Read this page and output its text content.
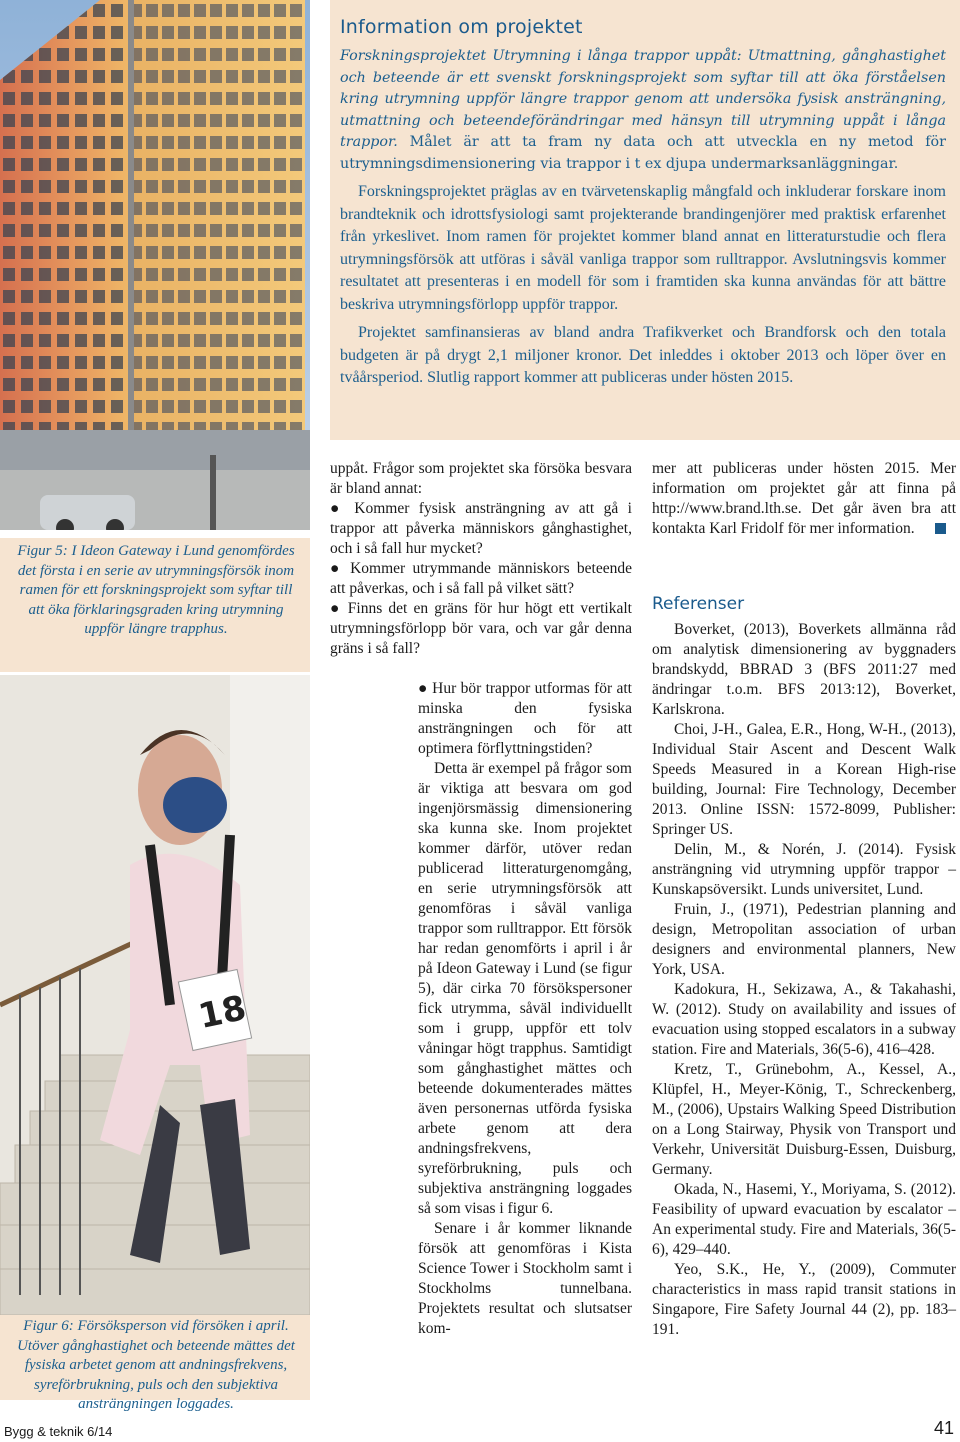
Information om projektet

Forskningsprojektet Utrymning i långa trappor uppåt: Utmattning, gånghastighet och beteende är ett svenskt forskningsprojekt som syftar till att öka förståelsen kring utrymning uppför längre trappor genom att undersöka fysisk ansträngning, utmattning och beteendeförändringar med hänsyn till utrymning uppåt i långa trappor. Målet är att ta fram ny data och att utveckla en ny metod för utrymningsdimensionering via trappor i t ex djupa undermarksanläggningar.

Forskningsprojektet präglas av en tvärvetenskaplig mångfald och inkluderar forskare inom brandteknik och idrottsfysiologi samt projekterande brandingenjörer med praktisk erfarenhet från yrkeslivet. Inom ramen för projektet kommer bland annat en litteraturstudie och flera utrymningsförsök att utföras i såväl vanliga trappor som rulltrappor. Avslutningsvis kommer resultatet att presenteras i en modell för som i framtiden ska kunna användas för att bättre beskriva utrymningsförlopp uppför trappor.

Projektet samfinansieras av bland andra Trafikverket och Brandforsk och den totala budgeten är på drygt 2,1 miljoner kronor. Det inleddes i oktober 2013 och löper över en tvåårsperiod. Slutlig rapport kommer att publiceras under hösten 2015.

Figur 5: I Ideon Gateway i Lund genomfördes det första i en serie av utrymningsförsök inom ramen för ett forskningsprojekt som syftar till att öka förklaringsgraden kring utrymning uppför längre trapphus.
18
Figur 6: Försöksperson vid försöken i april. Utöver gånghastighet och beteende mättes det fysiska arbetet genom att andningsfrekvens, syreförbrukning, puls och den subjektiva ansträngningen loggades.

uppåt. Frågor som projektet ska försöka besvara är bland annat:

● Kommer fysisk ansträngning av att gå i trappor att påverka människors gånghastighet, och i så fall hur mycket?

● Kommer utrymmande människors beteende att påverkas, och i så fall på vilket sätt?

● Finns det en gräns för hur högt ett vertikalt utrymningsförlopp bör vara, och var går denna gräns i så fall?

● Hur bör trappor utformas för att minska den fysiska ansträngningen och för att optimera förflyttningstiden?

Detta är exempel på frågor som är viktiga att besvara om god ingenjörsmässig dimensionering ska kunna ske. Inom projektet kommer därför, utöver redan publicerad litteraturgenomgång, en serie utrymningsförsök att genomföras i såväl vanliga trappor som rulltrappor. Ett försök har redan genomförts i april i år på Ideon Gateway i Lund (se figur 5), där cirka 70 försökspersoner fick utrymma, såväl individuellt som i grupp, uppför ett tolv våningar högt trapphus. Samtidigt som gånghastighet mättes och beteende dokumenterades mättes även personernas utförda fysiska arbete genom att dera andningsfrekvens, syreförbrukning, puls och subjektiva ansträngning loggades så som visas i figur 6.

Senare i år kommer liknande försök att genomföras i Kista Science Tower i Stockholm samt i Stockholms tunnelbana. Projektets resultat och slutsatser kom-

mer att publiceras under hösten 2015. Mer information om projektet går att finna på http://www.brand.lth.se. Det går även bra att kontakta Karl Fridolf för mer information.

Referenser

Boverket, (2013), Boverkets allmänna råd om analytisk dimensionering av byggnaders brandskydd, BBRAD 3 (BFS 2011:27 med ändringar t.o.m. BFS 2013:12), Boverket, Karlskrona.

Choi, J-H., Galea, E.R., Hong, W-H., (2013), Individual Stair Ascent and Descent Walk Speeds Measured in a Korean High-rise building, Journal: Fire Technology, December 2013. Online ISSN: 1572-8099, Publisher: Springer US.

Delin, M., & Norén, J. (2014). Fysisk ansträngning vid utrymning uppför trappor – Kunskapsöversikt. Lunds universitet, Lund.

Fruin, J., (1971), Pedestrian planning and design, Metropolitan association of urban designers and environmental planners, New York, USA.

Kadokura, H., Sekizawa, A., & Takahashi, W. (2012). Study on availability and issues of evacuation using stopped escalators in a subway station. Fire and Materials, 36(5-6), 416–428.

Kretz, T., Grünebohm, A., Kessel, A., Klüpfel, H., Meyer-König, T., Schreckenberg, M., (2006), Upstairs Walking Speed Distribution on a Long Stairway, Physik von Transport und Verkehr, Universität Duisburg-Essen, Duisburg, Germany.

Okada, N., Hasemi, Y., Moriyama, S. (2012). Feasibility of upward evacuation by escalator – An experimental study. Fire and Materials, 36(5-6), 429–440.

Yeo, S.K., He, Y., (2009), Commuter characteristics in mass rapid transit stations in Singapore, Fire Safety Journal 44 (2), pp. 183–191.

Bygg & teknik 6/14	41
